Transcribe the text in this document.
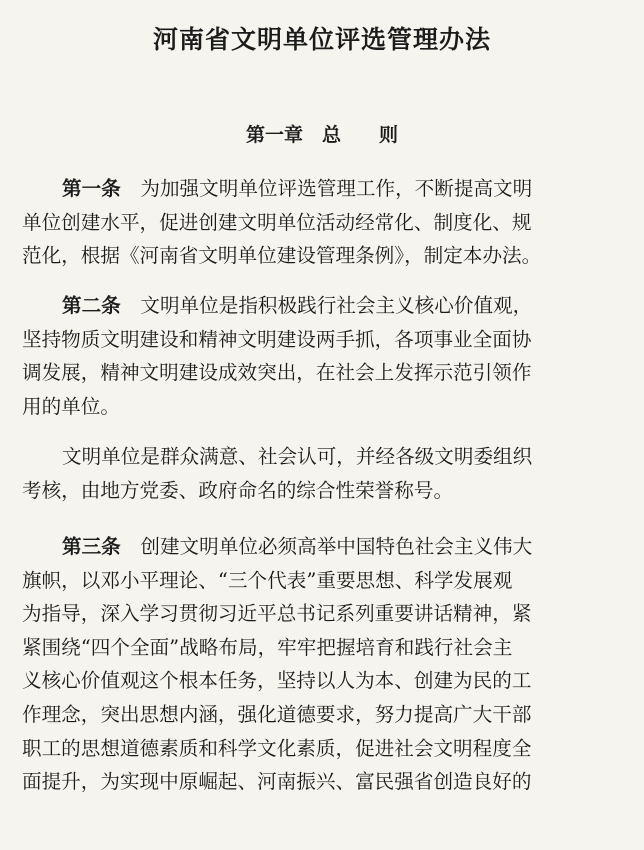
河南省文明单位评选管理办法
第一章　总　　则
第一条　为加强文明单位评选管理工作，不断提高文明
单位创建水平，促进创建文明单位活动经常化、制度化、规
范化，根据《河南省文明单位建设管理条例》，制定本办法。
第二条　文明单位是指积极践行社会主义核心价值观，
坚持物质文明建设和精神文明建设两手抓，各项事业全面协
调发展，精神文明建设成效突出，在社会上发挥示范引领作
用的单位。
文明单位是群众满意、社会认可，并经各级文明委组织
考核，由地方党委、政府命名的综合性荣誉称号。
第三条　创建文明单位必须高举中国特色社会主义伟大
旗帜，以邓小平理论、“三个代表”重要思想、科学发展观
为指导，深入学习贯彻习近平总书记系列重要讲话精神，紧
紧围绕“四个全面”战略布局，牢牢把握培育和践行社会主
义核心价值观这个根本任务，坚持以人为本、创建为民的工
作理念，突出思想内涵，强化道德要求，努力提高广大干部
职工的思想道德素质和科学文化素质，促进社会文明程度全
面提升，为实现中原崛起、河南振兴、富民强省创造良好的
